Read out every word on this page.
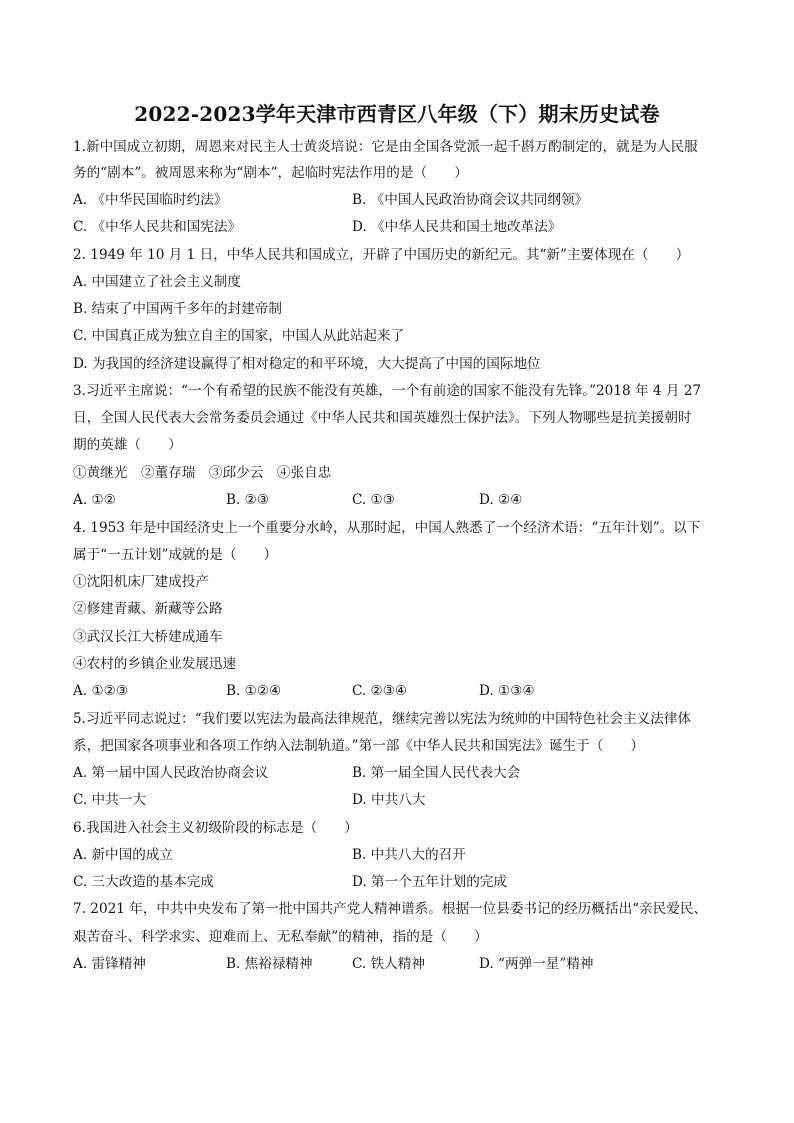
2022-2023学年天津市西青区八年级（下）期末历史试卷
1.新中国成立初期，周恩来对民主人士黄炎培说：它是由全国各党派一起千斟万酌制定的，就是为人民服
务的“剧本”。被周恩来称为“剧本”，起临时宪法作用的是（　　）
A. 《中华民国临时约法》	B. 《中国人民政治协商会议共同纲领》
C. 《中华人民共和国宪法》	D. 《中华人民共和国土地改革法》
2. 1949 年 10 月 1 日，中华人民共和国成立，开辟了中国历史的新纪元。其“新”主要体现在（　　）
A. 中国建立了社会主义制度
B. 结束了中国两千多年的封建帝制
C. 中国真正成为独立自主的国家，中国人从此站起来了
D. 为我国的经济建设赢得了相对稳定的和平环境，大大提高了中国的国际地位
3.习近平主席说：“一个有希望的民族不能没有英雄，一个有前途的国家不能没有先锋。”2018 年 4 月 27
日，全国人民代表大会常务委员会通过《中华人民共和国英雄烈士保护法》。下列人物哪些是抗美援朝时
期的英雄（　　）
①黄继光　②董存瑞　③邱少云　④张自忠
A. ①②	B. ②③	C. ①③	D. ②④
4. 1953 年是中国经济史上一个重要分水岭，从那时起，中国人熟悉了一个经济术语：“五年计划”。以下
属于“一五计划”成就的是（　　）
①沈阳机床厂建成投产
②修建青藏、新藏等公路
③武汉长江大桥建成通车
④农村的乡镇企业发展迅速
A. ①②③	B. ①②④	C. ②③④	D. ①③④
5.习近平同志说过：“我们要以宪法为最高法律规范，继续完善以宪法为统帅的中国特色社会主义法律体
系，把国家各项事业和各项工作纳入法制轨道。”第一部《中华人民共和国宪法》诞生于（　　）
A. 第一届中国人民政治协商会议	B. 第一届全国人民代表大会
C. 中共一大	D. 中共八大
6.我国进入社会主义初级阶段的标志是（　　）
A. 新中国的成立	B. 中共八大的召开
C. 三大改造的基本完成	D. 第一个五年计划的完成
7. 2021 年，中共中央发布了第一批中国共产党人精神谱系。根据一位县委书记的经历概括出“亲民爱民、
艰苦奋斗、科学求实、迎难而上、无私奉献”的精神，指的是（　　）
A. 雷锋精神	B. 焦裕禄精神	C. 铁人精神	D. “两弹一星”精神
